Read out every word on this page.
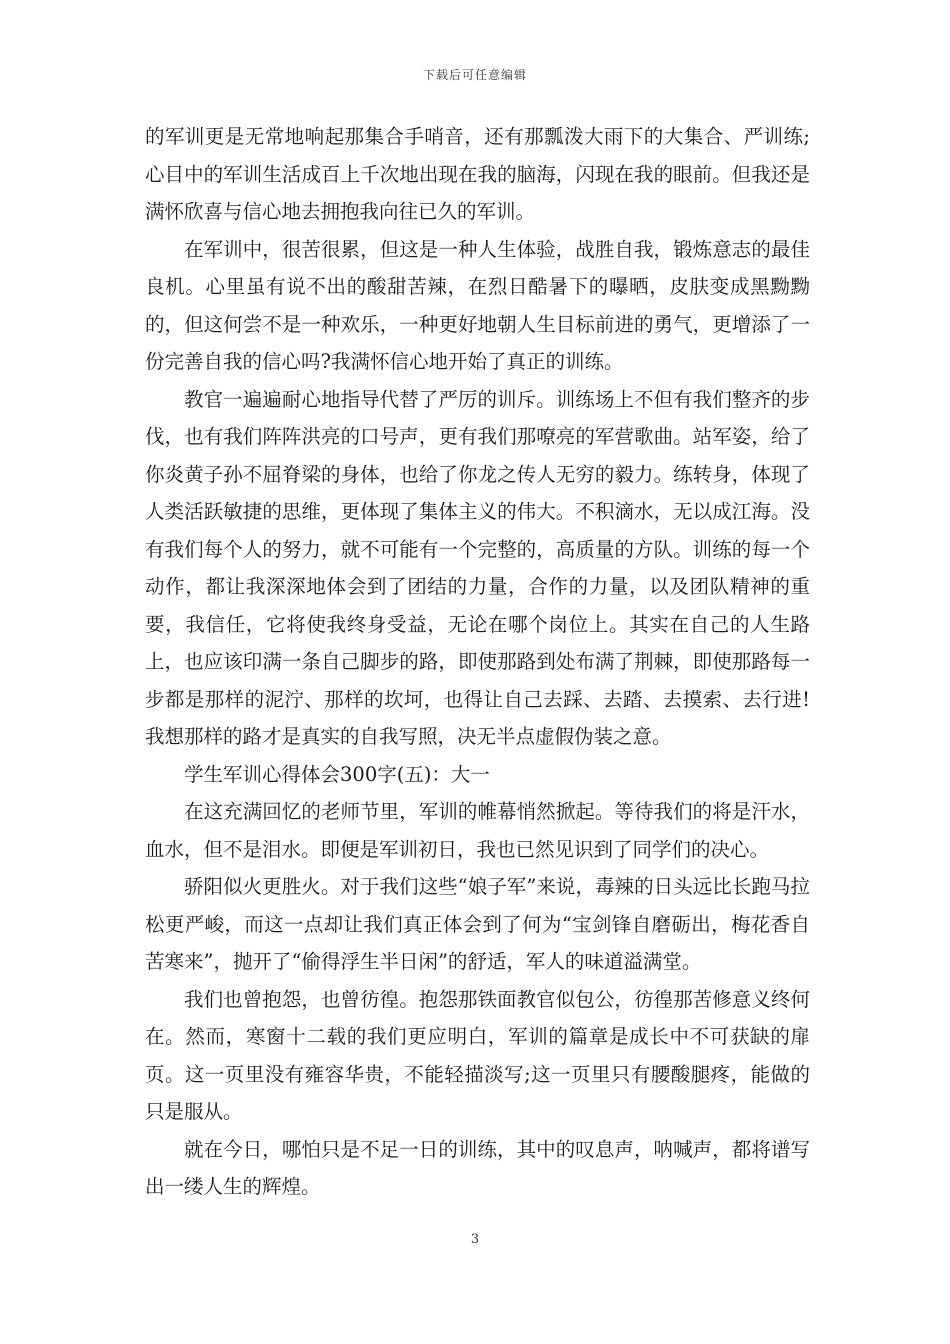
下载后可任意编辑

的军训更是无常地响起那集合手哨音，还有那瓢泼大雨下的大集合、严训练;心目中的军训生活成百上千次地出现在我的脑海，闪现在我的眼前。但我还是满怀欣喜与信心地去拥抱我向往已久的军训。

在军训中，很苦很累，但这是一种人生体验，战胜自我，锻炼意志的最佳良机。心里虽有说不出的酸甜苦辣，在烈日酷暑下的曝晒，皮肤变成黑黝黝的，但这何尝不是一种欢乐，一种更好地朝人生目标前进的勇气，更增添了一份完善自我的信心吗?我满怀信心地开始了真正的训练。

教官一遍遍耐心地指导代替了严厉的训斥。训练场上不但有我们整齐的步伐，也有我们阵阵洪亮的口号声，更有我们那嘹亮的军营歌曲。站军姿，给了你炎黄子孙不屈脊梁的身体，也给了你龙之传人无穷的毅力。练转身，体现了人类活跃敏捷的思维，更体现了集体主义的伟大。不积滴水，无以成江海。没有我们每个人的努力，就不可能有一个完整的，高质量的方队。训练的每一个动作，都让我深深地体会到了团结的力量，合作的力量，以及团队精神的重要，我信任，它将使我终身受益，无论在哪个岗位上。其实在自己的人生路上，也应该印满一条自己脚步的路，即使那路到处布满了荆棘，即使那路每一步都是那样的泥泞、那样的坎坷，也得让自己去踩、去踏、去摸索、去行进!我想那样的路才是真实的自我写照，决无半点虚假伪装之意。

学生军训心得体会300字(五)：大一

在这充满回忆的老师节里，军训的帷幕悄然掀起。等待我们的将是汗水，血水，但不是泪水。即便是军训初日，我也已然见识到了同学们的决心。

骄阳似火更胜火。对于我们这些“娘子军”来说，毒辣的日头远比长跑马拉松更严峻，而这一点却让我们真正体会到了何为“宝剑锋自磨砺出，梅花香自苦寒来”，抛开了“偷得浮生半日闲”的舒适，军人的味道溢满堂。

我们也曾抱怨，也曾彷徨。抱怨那铁面教官似包公，彷徨那苦修意义终何在。然而，寒窗十二载的我们更应明白，军训的篇章是成长中不可获缺的扉页。这一页里没有雍容华贵，不能轻描淡写;这一页里只有腰酸腿疼，能做的只是服从。

就在今日，哪怕只是不足一日的训练，其中的叹息声，呐喊声，都将谱写出一缕人生的辉煌。

3
